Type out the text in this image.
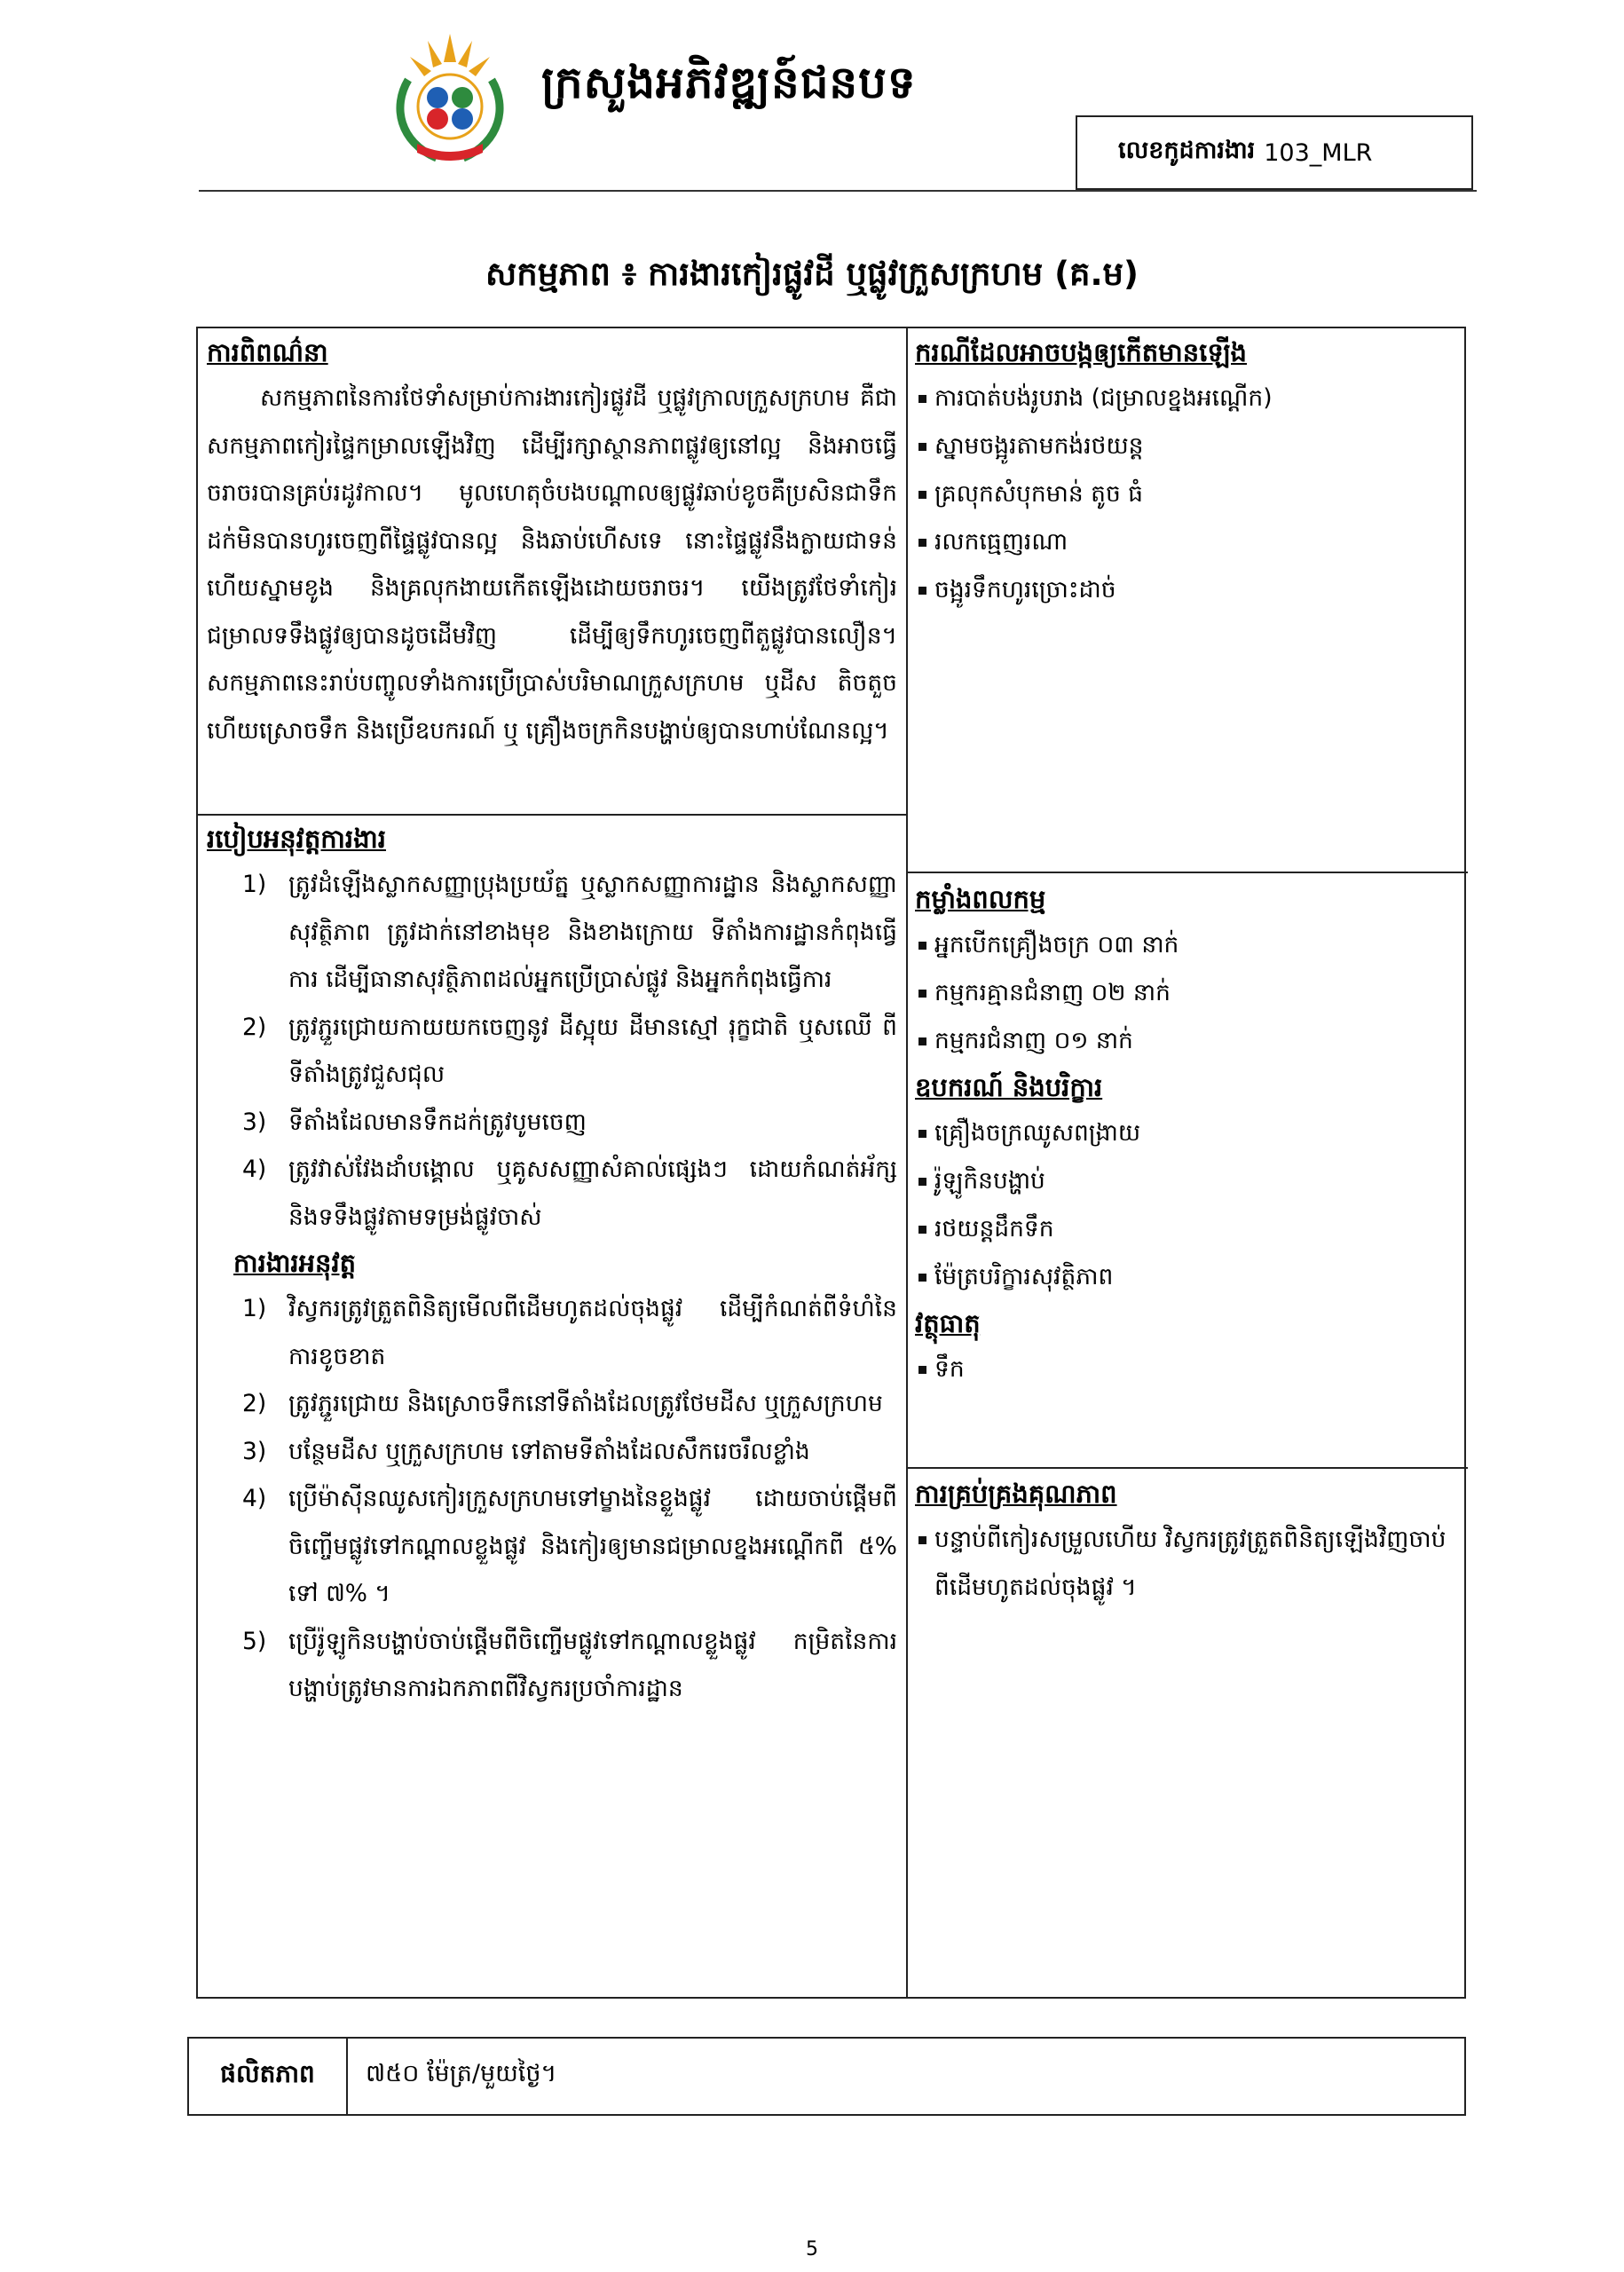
ក្រសួងអភិវឌ្ឍន៍ជនបទ
លេខកូដការងារ 103_MLR
សកម្មភាព ៖ ការងារកៀរផ្លូវដី ឬផ្លូវក្រួសក្រហម (គ.ម)
ការពិពណ៌នា

សកម្មភាពនៃការថែទាំសម្រាប់ការងារកៀរផ្លូវដី ឬផ្លូវក្រាលក្រួសក្រហម គឺជាសកម្មភាពកៀរផ្ទៃកម្រាលឡើងវិញ ដើម្បីរក្សាស្ថានភាពផ្លូវឲ្យនៅល្អ និងអាចធ្វើចរាចរបានគ្រប់រដូវកាល។ មូលហេតុចំបងបណ្តាលឲ្យផ្លូវឆាប់ខូចគឺប្រសិនជាទឹកដក់មិនបានហូរចេញពីផ្ទៃផ្លូវបានល្អ និងឆាប់ហើសទេ នោះផ្ទៃផ្លូវនឹងក្លាយជាទន់ ហើយស្នាមខូង និងគ្រលុកងាយកើតឡើងដោយចរាចរ។ យើងត្រូវថែទាំកៀរជម្រាលទទឹងផ្លូវឲ្យបានដូចដើមវិញ ដើម្បីឲ្យទឹកហូរចេញពីតួផ្លូវបានលឿន។សកម្មភាពនេះរាប់បញ្ចូលទាំងការប្រើប្រាស់បរិមាណក្រួសក្រហម ឬដីស តិចតួច ហើយស្រោចទឹក និងប្រើឧបករណ៍ ឬ គ្រឿងចក្រកិនបង្ហាប់ឲ្យបានហាប់ណែនល្អ។

របៀបអនុវត្តការងារ
1) ត្រូវដំឡើងស្លាកសញ្ញាប្រុងប្រយ័ត្ន ឬស្លាកសញ្ញាការដ្ឋាន និងស្លាកសញ្ញាសុវត្ថិភាព ត្រូវដាក់នៅខាងមុខ និងខាងក្រោយ ទីតាំងការដ្ឋានកំពុងធ្វើការ ដើម្បីធានាសុវត្ថិភាពដល់អ្នកប្រើប្រាស់ផ្លូវ និងអ្នកកំពុងធ្វើការ
2) ត្រូវភ្ជួរជ្រោយកាយយកចេញនូវ ដីស្អុយ ដីមានស្មៅ រុក្ខជាតិ ឬសឈើ ពីទីតាំងត្រូវជួសជុល
3) ទីតាំងដែលមានទឹកដក់ត្រូវបូមចេញ
4) ត្រូវវាស់វែងដាំបង្គោល ឬគូសសញ្ញាសំគាល់ផ្សេងៗ ដោយកំណត់អ័ក្ស និងទទឹងផ្លូវតាមទម្រង់ផ្លូវចាស់
ការងារអនុវត្ត
1) វិស្វករត្រូវត្រួតពិនិត្យមើលពីដើមហូតដល់ចុងផ្លូវ ដើម្បីកំណត់ពីទំហំនៃការខូចខាត
2) ត្រូវភ្ជួរជ្រោយ និងស្រោចទឹកនៅទីតាំងដែលត្រូវថែមដីស ឬក្រួសក្រហម
3) បន្ថែមដីស ឬក្រួសក្រហម ទៅតាមទីតាំងដែលសឹករេចរឹលខ្លាំង
4) ប្រើម៉ាស៊ីនឈូសកៀរក្រួសក្រហមទៅម្ខាងនៃខ្លួងផ្លូវ ដោយចាប់ផ្តើមពីចិញ្ចើមផ្លូវទៅកណ្តាលខ្លួងផ្លូវ និងកៀរឲ្យមានជម្រាលខ្នងអណ្តើកពី ៥% ទៅ ៧% ។
5) ប្រើរ៉ូឡូកិនបង្ហាប់ចាប់ផ្តើមពីចិញ្ចើមផ្លូវទៅកណ្តាលខ្លួងផ្លូវ កម្រិតនៃការបង្ហាប់ត្រូវមានការឯកភាពពីវិស្វករប្រចាំការដ្ឋាន
ករណីដែលអាចបង្កឲ្យកើតមានឡើង
ការបាត់បង់រូបរាង (ជម្រាលខ្នងអណ្តើក)
ស្នាមចង្អូរតាមកង់រថយន្ត
គ្រលុកសំបុកមាន់ តូច ធំ
រលកធ្មេញរណា
ចង្អូរទឹកហូរច្រោះដាច់
កម្លាំងពលកម្ម
អ្នកបើកគ្រឿងចក្រ ០៣ នាក់
កម្មករគ្មានជំនាញ ០២ នាក់
កម្មករជំនាញ ០១ នាក់
ឧបករណ៍ និងបរិក្ខារ
គ្រឿងចក្រឈូសពង្រាយ
រ៉ូឡូកិនបង្ហាប់
រថយន្តដឹកទឹក
ម៉ែត្របរិក្ខារសុវត្ថិភាព
វត្ថុធាតុ
ទឹក
ការគ្រប់គ្រងគុណភាព
បន្ទាប់ពីកៀរសម្រួលហើយ វិស្វករត្រូវត្រួតពិនិត្យឡើងវិញចាប់ពីដើមហូតដល់ចុងផ្លូវ ។
ផលិតភាព	៧៥០ ម៉ែត្រ/មួយថ្ងៃ។
5
